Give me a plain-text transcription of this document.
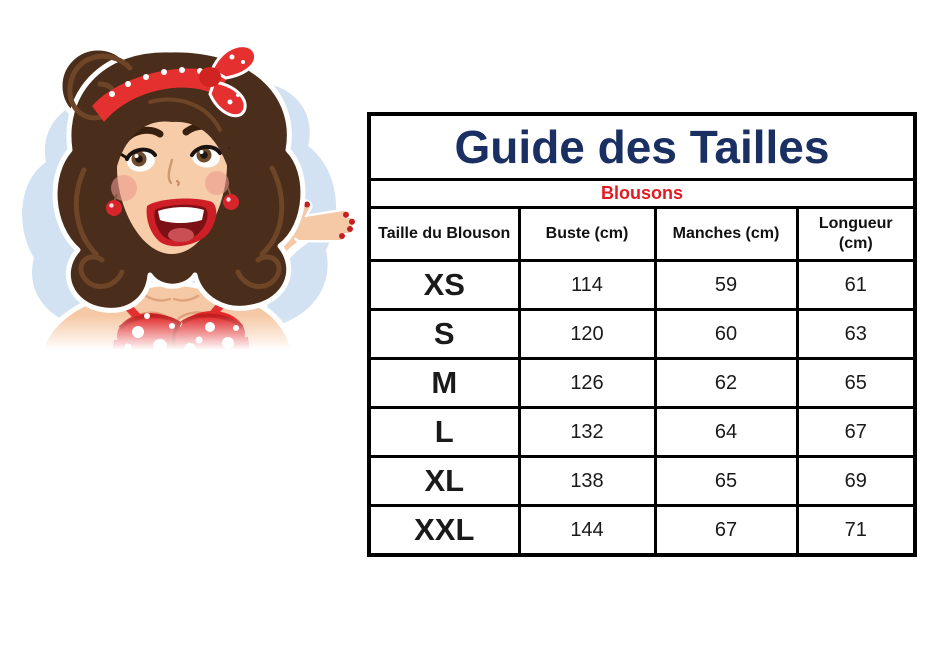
Guide des Tailles			
Blousons			
Taille du Blouson	Buste (cm)	Manches (cm)	Longueur (cm)
XS	114	59	61
S	120	60	63
M	126	62	65
L	132	64	67
XL	138	65	69
XXL	144	67	71
